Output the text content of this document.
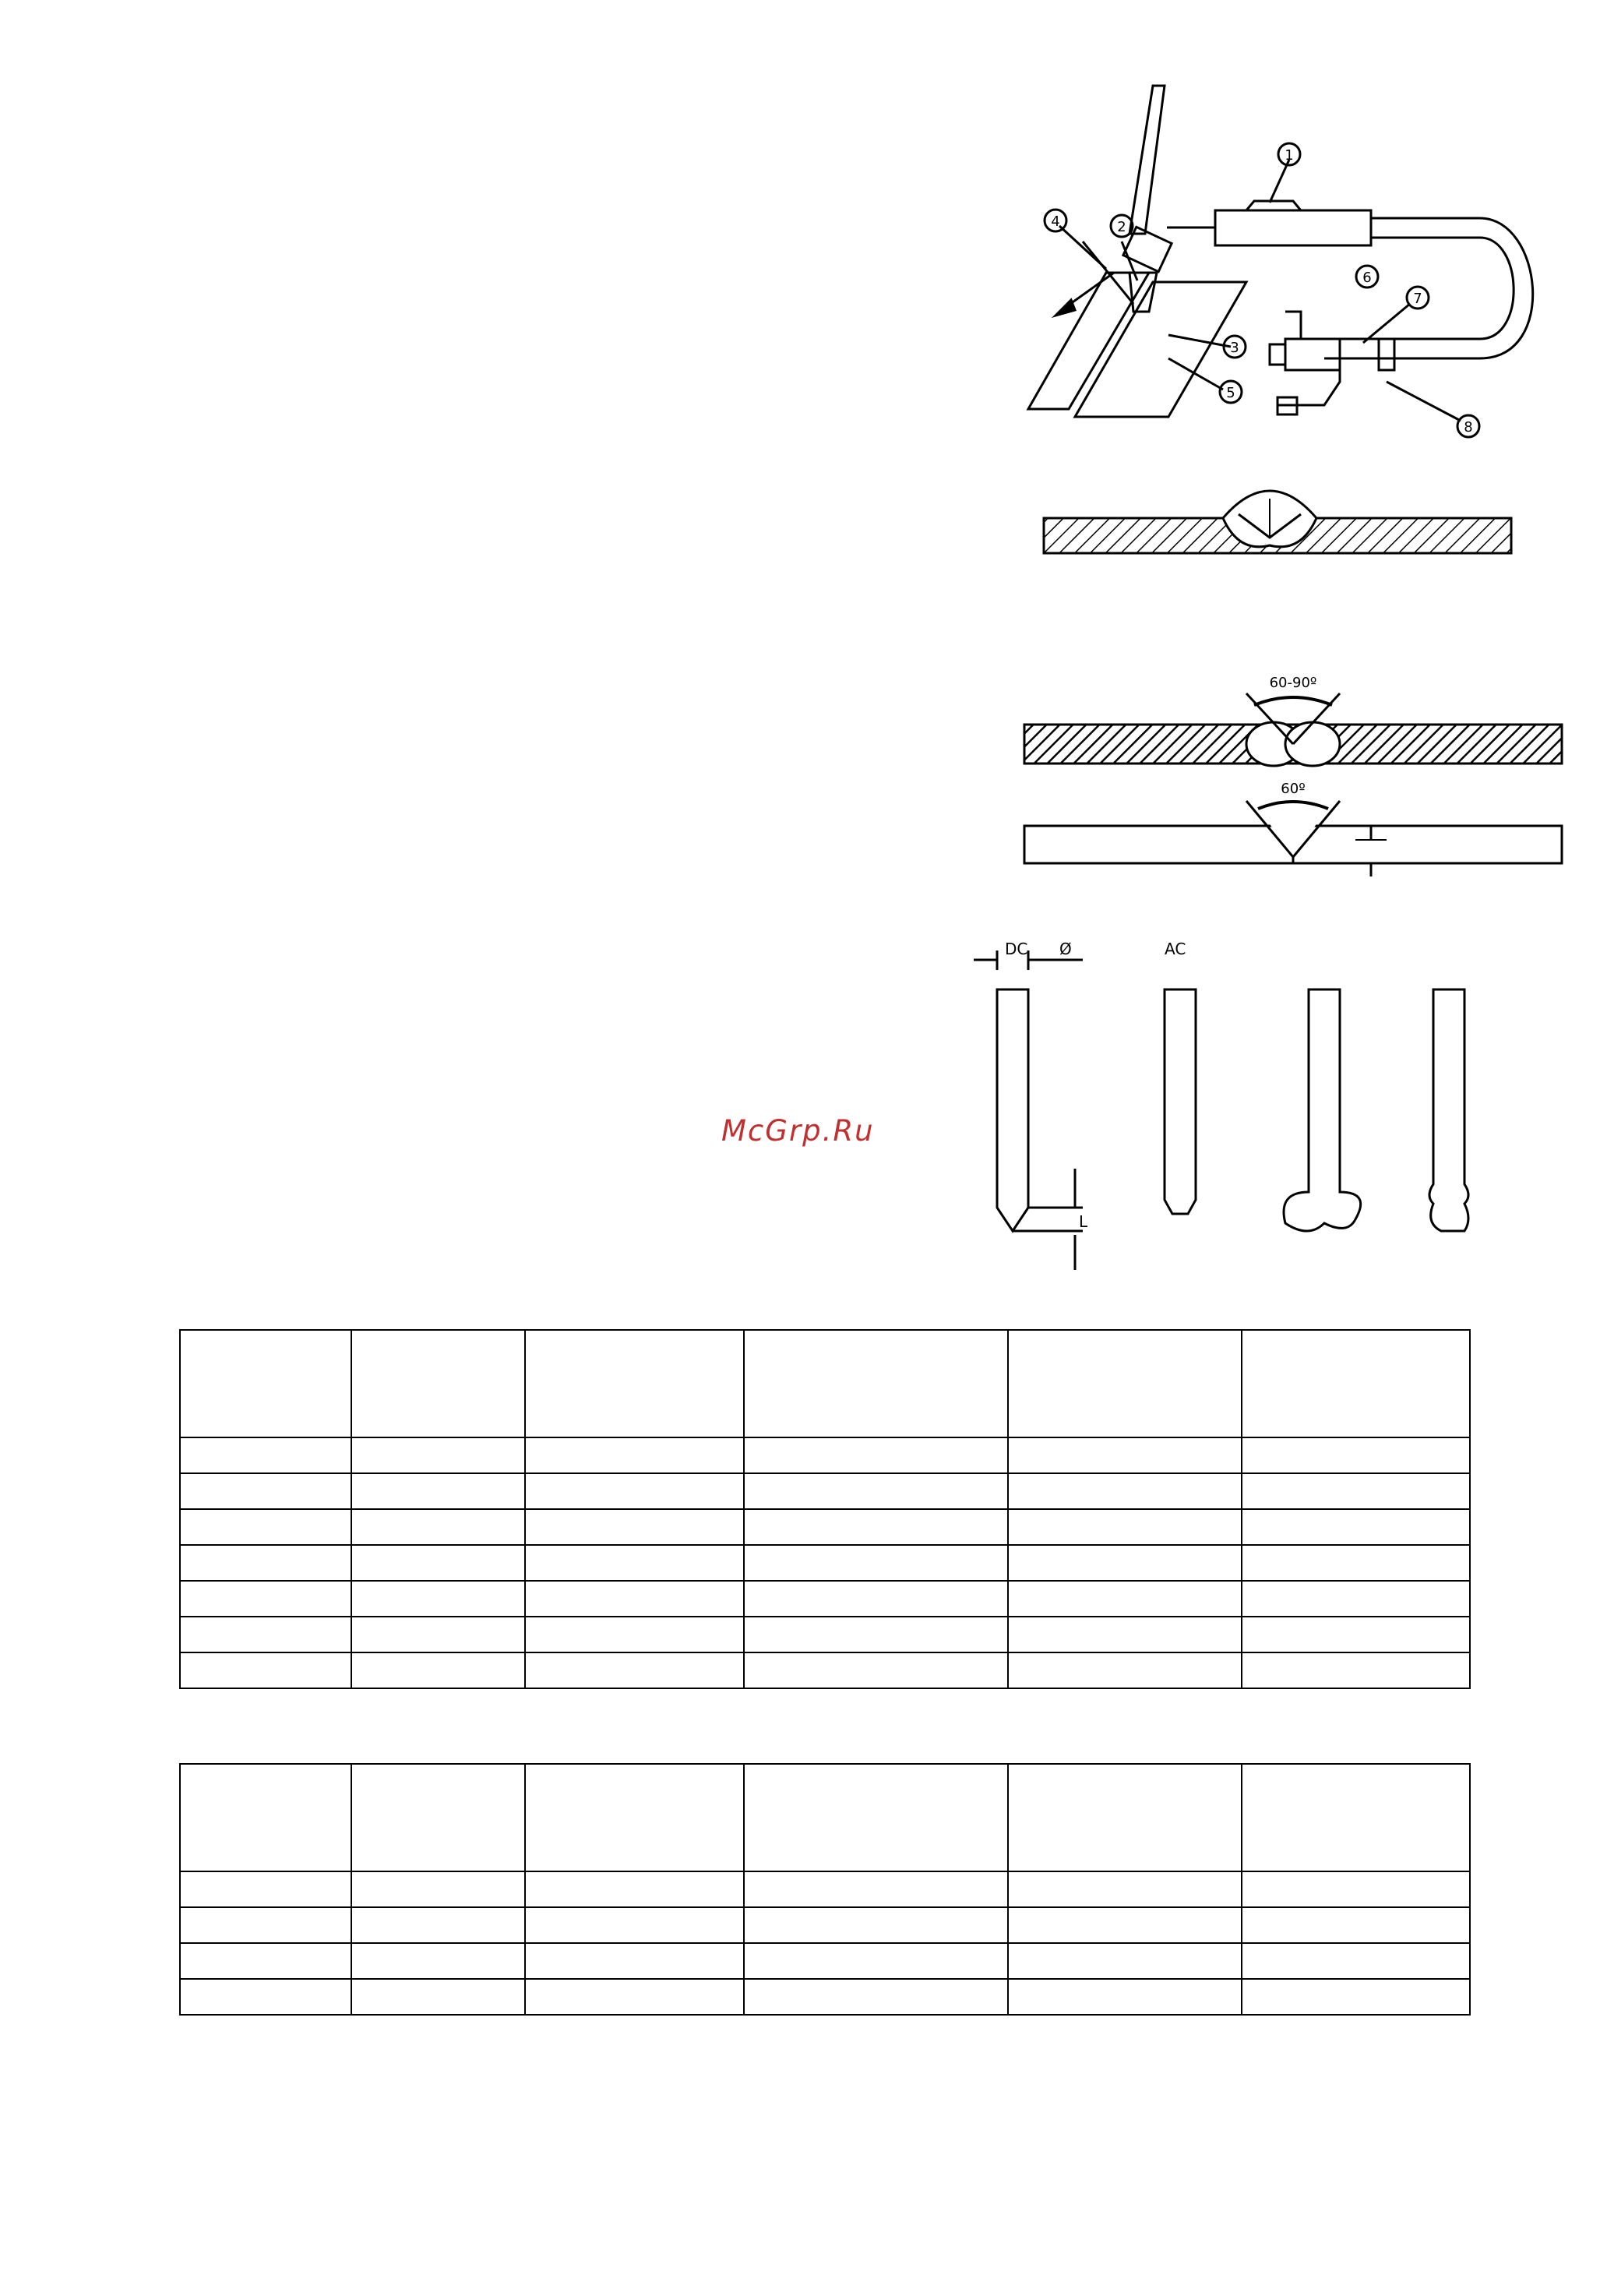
1
4	2
3
5
6
7
8
60-90º
60º
DC Ø	AC
L
McGrp.Ru
